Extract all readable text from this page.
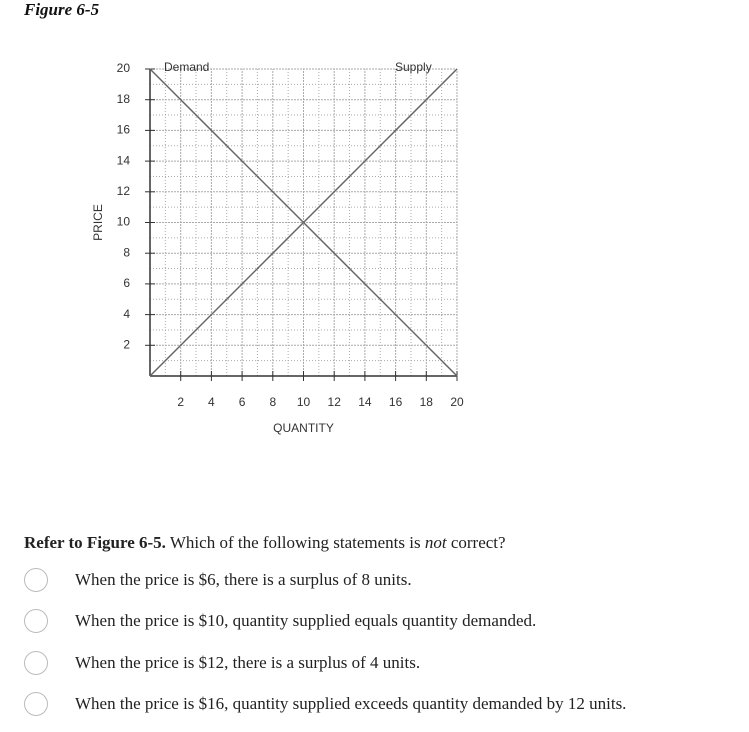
Figure 6-5
2 4 6 8 10 12 14 16 18 20
2
4
6
8
10
12
14
16
18
20
QUANTITY
PRICE
Demand	Supply
Refer to Figure 6-5. Which of the following statements is not correct?
When the price is $6, there is a surplus of 8 units.
When the price is $10, quantity supplied equals quantity demanded.
When the price is $12, there is a surplus of 4 units.
When the price is $16, quantity supplied exceeds quantity demanded by 12 units.
